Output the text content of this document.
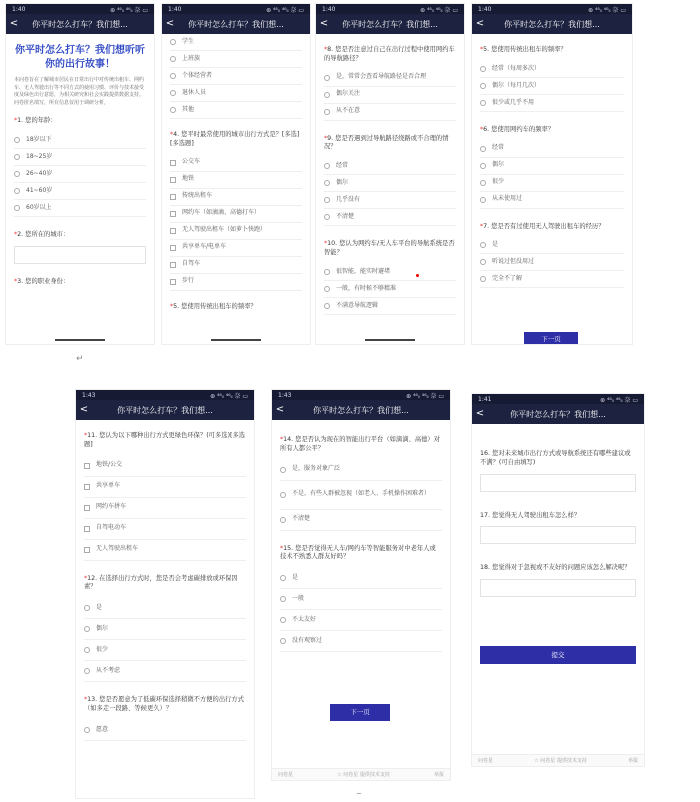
1:40	⊛ ⁴⁶ₗₗ ⁴⁶ₗₗ 奈 ▭
<	你平时怎么打车？我们想...
你平时怎么打车？我们想听听你的出行故事！
本问卷旨在了解城市居民在日常出行中对传统出租车、网约车、无人驾驶出行等不同方式的使用习惯、评价与技术接受度及绿色出行意愿，为相关研究和社会实践提供数据支持。问卷匿名填写，所有信息仅用于调研分析，
*1. 您的年龄：
18岁以下
18~25岁
26~40岁
41~60岁
60岁以上
*2. 您所在的城市：
*3. 您的职业身份：
1:40	⊛ ⁴⁶ₗₗ ⁴⁶ₗₗ 奈 ▭
<	你平时怎么打车？我们想...
学生
上班族
个体经营者
退休人员
其他
*4. 您平时最常使用的城市出行方式是？[多选][多选题]
公交车
地铁
传统出租车
网约车（如滴滴、高德打车）
无人驾驶出租车（如萝卜快跑）
共享单车/电单车
自驾车
步行
*5. 您使用传统出租车的频率？
1:40	⊛ ⁴⁶ₗₗ ⁴⁶ₗₗ 奈 ▭
<	你平时怎么打车？我们想...
*8. 您是否注意过自己在出行过程中使用网约车的导航路径？
是，常常会查看导航路径是否合理
偶尔关注
从不在意
*9. 您是否遇到过导航路径绕路或不合理的情况？
经常
偶尔
几乎没有
不清楚
*10. 您认为网约车/无人车平台的导航系统是否智能？
很智能，能实时避堵
一般，有时候不够精准
不满意导航逻辑
1:40	⊛ ⁴⁶ₗₗ ⁴⁶ₗₗ 奈 ▭
<	你平时怎么打车？我们想...
*5. 您使用传统出租车的频率？
经常（每周多次）
偶尔（每月几次）
很少或几乎不用
*6. 您使用网约车的频率？
经常
偶尔
很少
从未使用过
*7. 您是否有过使用无人驾驶出租车的经历？
是
听说过但没用过
完全不了解
下一页
↵
1:43	⊛ ⁴⁶ₗₗ ⁴⁶ₗₗ 奈 ▭
<	你平时怎么打车？我们想...
*11. 您认为以下哪种出行方式更绿色环保？(可多选)[多选题]
地铁/公交
共享单车
网约车拼车
自驾电动车
无人驾驶出租车
*12. 在选择出行方式时，您是否会考虑碳排放或环保因素？
是
偶尔
很少
从不考虑
*13. 您是否愿意为了低碳环保选择稍微不方便的出行方式（如多走一段路、等候更久）？
愿意
1:43	⊛ ⁴⁶ₗₗ ⁴⁶ₗₗ 奈 ▭
<	你平时怎么打车？我们想...
*14. 您是否认为现在的智能出行平台（如滴滴、高德）对所有人都公平？
是，服务对象广泛
不是，有些人群被忽视（如老人、手机操作困难者）
不清楚
*15. 您是否觉得无人车/网约车等智能服务对中老年人或技术不熟悉人群友好吗？
是
一般
不太友好
没有观察过
下一页
问卷星	☆ 问卷星 提供技术支持	举报
1:41	⊛ ⁴⁶ₗₗ ⁴⁶ₗₗ 奈 ▭
<	你平时怎么打车？我们想...
16. 您对未来城市出行方式或导航系统还有哪些建议或不满？(可自由填写)
17. 您觉得无人驾驶出租车怎么样？
18. 您觉得对于忽视或不友好的问题应该怎么解决呢？
提交
问卷星	☆ 问卷星 提供技术支持	举报
~
